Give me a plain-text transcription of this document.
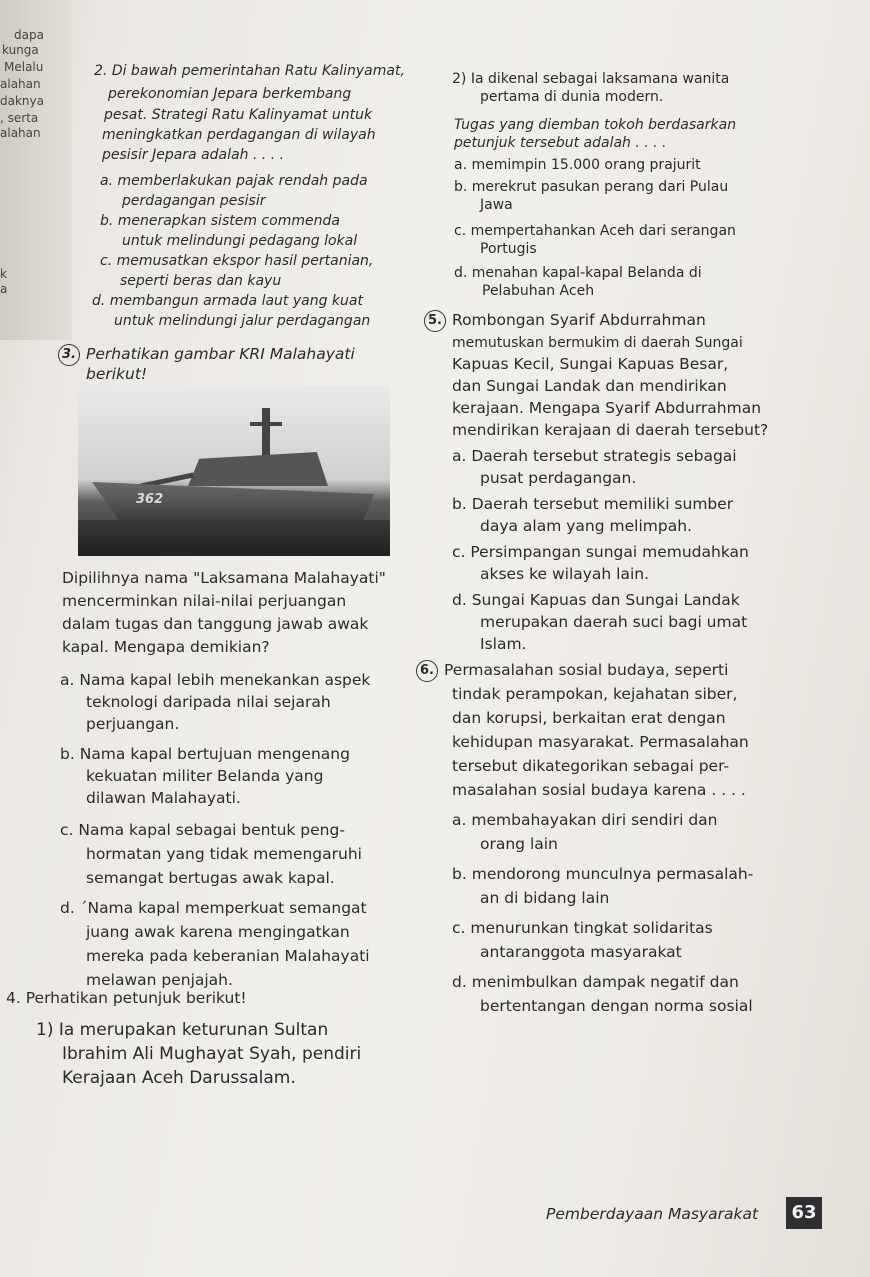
dapa
kunga
Melalu
alahan
daknya
, serta
alahan
k
a
2. Di bawah pemerintahan Ratu Kalinyamat,
perekonomian Jepara berkembang
pesat. Strategi Ratu Kalinyamat untuk
meningkatkan perdagangan di wilayah
pesisir Jepara adalah . . . .
a. memberlakukan pajak rendah pada
perdagangan pesisir
b. menerapkan sistem commenda
untuk melindungi pedagang lokal
c. memusatkan ekspor hasil pertanian,
seperti beras dan kayu
d. membangun armada laut yang kuat
untuk melindungi jalur perdagangan
3. Perhatikan gambar KRI Malahayati
berikut!
362
Dipilihnya nama "Laksamana Malahayati"
mencerminkan nilai-nilai perjuangan
dalam tugas dan tanggung jawab awak
kapal. Mengapa demikian?
a. Nama kapal lebih menekankan aspek
teknologi daripada nilai sejarah
perjuangan.
b. Nama kapal bertujuan mengenang
kekuatan militer Belanda yang
dilawan Malahayati.
c. Nama kapal sebagai bentuk peng-
hormatan yang tidak memengaruhi
semangat bertugas awak kapal.
d. ´Nama kapal memperkuat semangat
juang awak karena mengingatkan
mereka pada keberanian Malahayati
melawan penjajah.
4. Perhatikan petunjuk berikut!
1) Ia merupakan keturunan Sultan
Ibrahim Ali Mughayat Syah, pendiri
Kerajaan Aceh Darussalam.
2) Ia dikenal sebagai laksamana wanita
pertama di dunia modern.
Tugas yang diemban tokoh berdasarkan
petunjuk tersebut adalah . . . .
a. memimpin 15.000 orang prajurit
b. merekrut pasukan perang dari Pulau
Jawa
c. mempertahankan Aceh dari serangan
Portugis
d. menahan kapal-kapal Belanda di
Pelabuhan Aceh
5. Rombongan Syarif Abdurrahman
memutuskan bermukim di daerah Sungai
Kapuas Kecil, Sungai Kapuas Besar,
dan Sungai Landak dan mendirikan
kerajaan. Mengapa Syarif Abdurrahman
mendirikan kerajaan di daerah tersebut?
a. Daerah tersebut strategis sebagai
pusat perdagangan.
b. Daerah tersebut memiliki sumber
daya alam yang melimpah.
c. Persimpangan sungai memudahkan
akses ke wilayah lain.
d. Sungai Kapuas dan Sungai Landak
merupakan daerah suci bagi umat
Islam.
6. Permasalahan sosial budaya, seperti
tindak perampokan, kejahatan siber,
dan korupsi, berkaitan erat dengan
kehidupan masyarakat. Permasalahan
tersebut dikategorikan sebagai per-
masalahan sosial budaya karena . . . .
a. membahayakan diri sendiri dan
orang lain
b. mendorong munculnya permasalah-
an di bidang lain
c. menurunkan tingkat solidaritas
antaranggota masyarakat
d. menimbulkan dampak negatif dan
bertentangan dengan norma sosial
Pemberdayaan Masyarakat	63
